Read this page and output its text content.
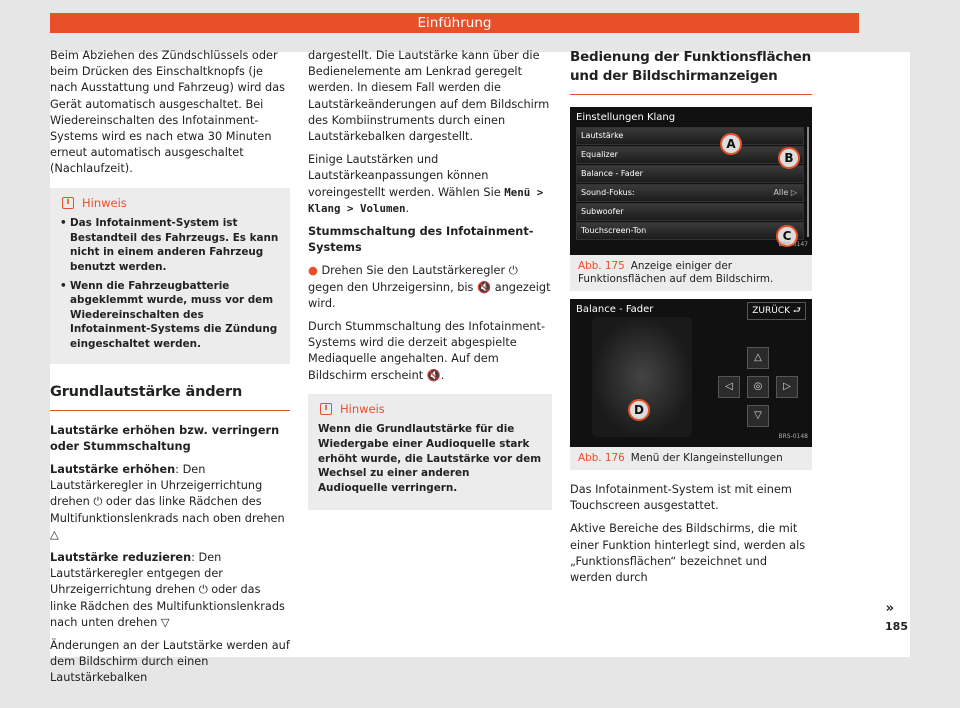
Einführung

Beim Abziehen des Zündschlüssels oder beim Drücken des Einschaltknopfs (je nach Ausstattung und Fahrzeug) wird das Gerät automatisch ausgeschaltet. Bei Wiedereinschalten des Infotainment-Systems wird es nach etwa 30 Minuten erneut automatisch ausgeschaltet (Nachlaufzeit).

i	Hinweis
• Das Infotainment-System ist Bestandteil des Fahrzeugs. Es kann nicht in einem anderen Fahrzeug benutzt werden.
• Wenn die Fahrzeugbatterie abgeklemmt wurde, muss vor dem Wiedereinschalten des Infotainment-Systems die Zündung eingeschaltet werden.
Grundlautstärke ändern

Lautstärke erhöhen bzw. verringern oder Stummschaltung

Lautstärke erhöhen: Den Lautstärkeregler in Uhrzeigerrichtung drehen ⏻ oder das linke Rädchen des Multifunktionslenkrads nach oben drehen △

Lautstärke reduzieren: Den Lautstärkeregler entgegen der Uhrzeigerrichtung drehen ⏻ oder das linke Rädchen des Multifunktionslenkrads nach unten drehen ▽

Änderungen an der Lautstärke werden auf dem Bildschirm durch einen Lautstärkebalken

dargestellt. Die Lautstärke kann über die Bedienelemente am Lenkrad geregelt werden. In diesem Fall werden die Lautstärkeänderungen auf dem Bildschirm des Kombiinstruments durch einen Lautstärkebalken dargestellt.

Einige Lautstärken und Lautstärkeanpassungen können voreingestellt werden. Wählen Sie Menü > Klang > Volumen.

Stummschaltung des Infotainment-Systems

● Drehen Sie den Lautstärkeregler ⏻ gegen den Uhrzeigersinn, bis 🔇 angezeigt wird.

Durch Stummschaltung des Infotainment-Systems wird die derzeit abgespielte Mediaquelle angehalten. Auf dem Bildschirm erscheint 🔇.

i	Hinweis

Wenn die Grundlautstärke für die Wiedergabe einer Audioquelle stark erhöht wurde, die Lautstärke vor dem Wechsel zu einer anderen Audioquelle verringern.

Bedienung der Funktionsflächen und der Bildschirmanzeigen
Einstellungen Klang
Lautstärke
Equalizer
Balance - Fader
Sound-Fokus:	Alle ▷
Subwoofer
Touchscreen-Ton
A
B
C
BRS-0147
Abb. 175 Anzeige einiger der Funktionsflächen auf dem Bildschirm.
Balance - Fader	ZURÜCK ⮐
D
△
◁	◎	▷
▽
BRS-0148
Abb. 176 Menü der Klangeinstellungen

Das Infotainment-System ist mit einem Touchscreen ausgestattet.

Aktive Bereiche des Bildschirms, die mit einer Funktion hinterlegt sind, werden als „Funktionsflächen“ bezeichnet und werden durch

»
185
